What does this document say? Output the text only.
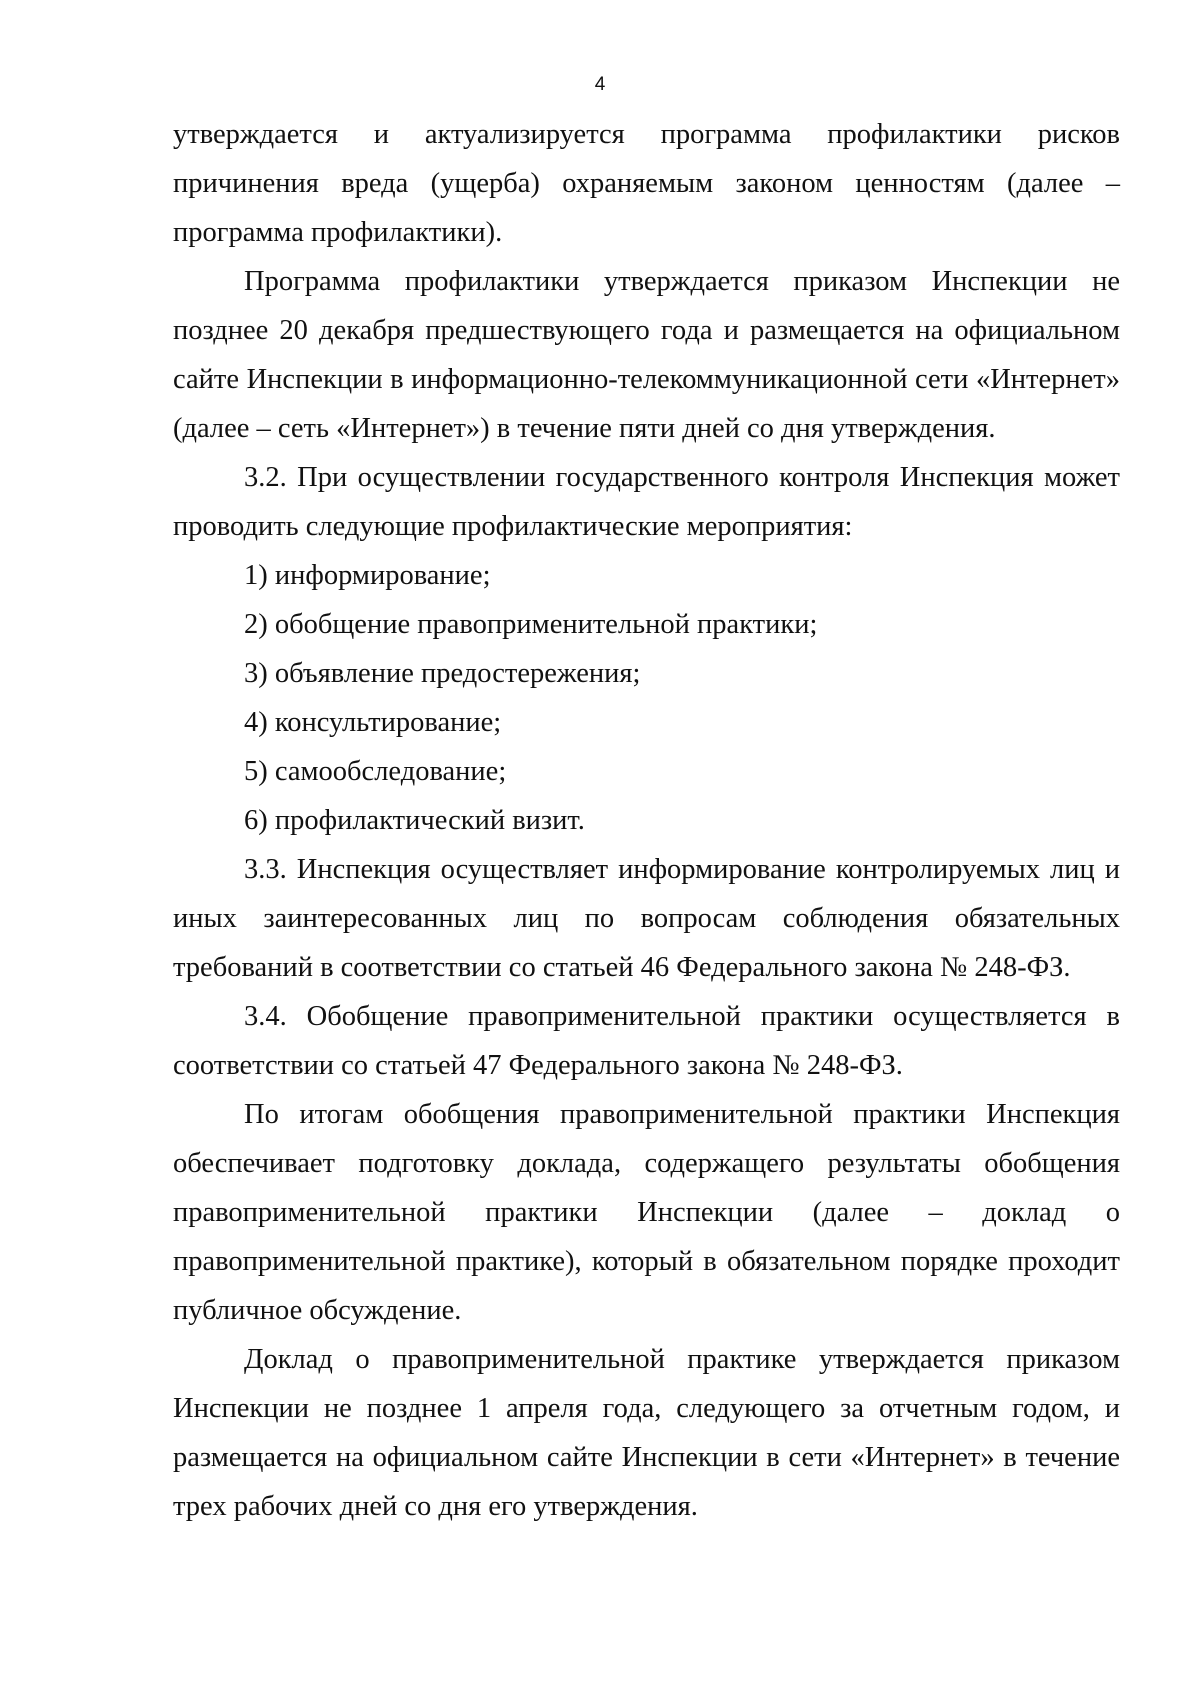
4

утверждается и актуализируется программа профилактики рисков причинения вреда (ущерба) охраняемым законом ценностям (далее – программа профилактики).

Программа профилактики утверждается приказом Инспекции не позднее 20 декабря предшествующего года и размещается на официальном сайте Инспекции в информационно-телекоммуникационной сети «Интернет» (далее – сеть «Интернет») в течение пяти дней со дня утверждения.

3.2. При осуществлении государственного контроля Инспекция может проводить следующие профилактические мероприятия:

1) информирование;

2) обобщение правоприменительной практики;

3) объявление предостережения;

4) консультирование;

5) самообследование;

6) профилактический визит.

3.3. Инспекция осуществляет информирование контролируемых лиц и иных заинтересованных лиц по вопросам соблюдения обязательных требований в соответствии со статьей 46 Федерального закона № 248-ФЗ.

3.4. Обобщение правоприменительной практики осуществляется в соответствии со статьей 47 Федерального закона № 248-ФЗ.

По итогам обобщения правоприменительной практики Инспекция обеспечивает подготовку доклада, содержащего результаты обобщения правоприменительной практики Инспекции (далее – доклад о правоприменительной практике), который в обязательном порядке проходит публичное обсуждение.

Доклад о правоприменительной практике утверждается приказом Инспекции не позднее 1 апреля года, следующего за отчетным годом, и размещается на официальном сайте Инспекции в сети «Интернет» в течение трех рабочих дней со дня его утверждения.
